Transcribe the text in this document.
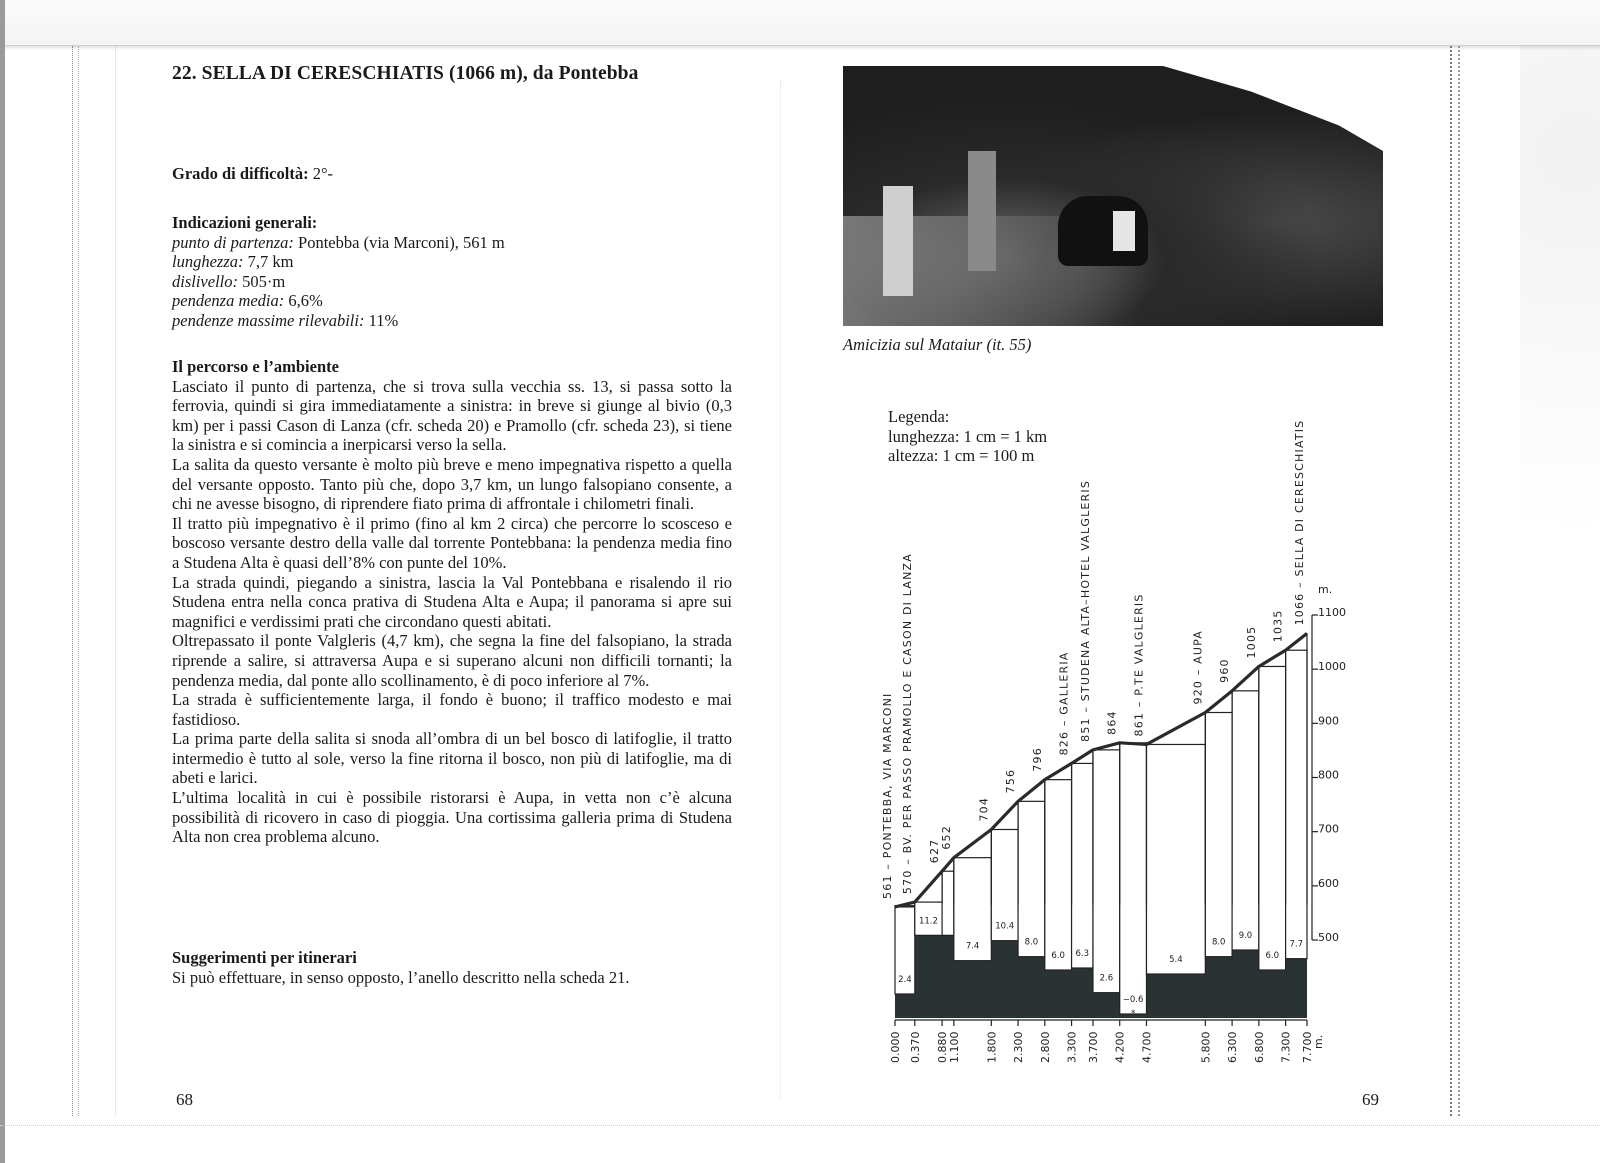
22. SELLA DI CERESCHIATIS (1066 m), da Pontebba
Grado di difficoltà: 2°-
Indicazioni generali:
punto di partenza: Pontebba (via Marconi), 561 m
lunghezza: 7,7 km
dislivello: 505·m
pendenza media: 6,6%
pendenze massime rilevabili: 11%
Il percorso e l’ambiente

Lasciato il punto di partenza, che si trova sulla vecchia ss. 13, si passa sotto la ferrovia, quindi si gira immediatamente a sinistra: in breve si giunge al bivio (0,3 km) per i passi Cason di Lanza (cfr. scheda 20) e Pramollo (cfr. scheda 23), si tiene la sinistra e si comincia a inerpicarsi verso la sella.

La salita da questo versante è molto più breve e meno impegnativa rispetto a quella del versante opposto. Tanto più che, dopo 3,7 km, un lungo falsopiano consente, a chi ne avesse bisogno, di riprendere fiato prima di affrontale i chilometri finali.

Il tratto più impegnativo è il primo (fino al km 2 circa) che percorre lo scosceso e boscoso versante destro della valle dal torrente Pontebbana: la pendenza media fino a Studena Alta è quasi dell’8% con punte del 10%.

La strada quindi, piegando a sinistra, lascia la Val Pontebbana e risalendo il rio Studena entra nella conca prativa di Studena Alta e Aupa; il panorama si apre sui magnifici e verdissimi prati che circondano questi abitati.

Oltrepassato il ponte Valgleris (4,7 km), che segna la fine del falsopiano, la strada riprende a salire, si attraversa Aupa e si superano alcuni non difficili tornanti; la pendenza media, dal ponte allo scollinamento, è di poco inferiore al 7%.

La strada è sufficientemente larga, il fondo è buono; il traffico modesto e mai fastidioso.

La prima parte della salita si snoda all’ombra di un bel bosco di latifoglie, il tratto intermedio è tutto al sole, verso la fine ritorna il bosco, non più di latifoglie, ma di abeti e larici.

L’ultima località in cui è possibile ristorarsi è Aupa, in vetta non c’è alcuna possibilità di ricovero in caso di pioggia. Una cortissima galleria prima di Studena Alta non crea problema alcuno.

Suggerimenti per itinerari
Si può effettuare, in senso opposto, l’anello descritto nella scheda 21.
68
Amicizia sul Mataiur (it. 55)
Legenda:
lunghezza: 1 cm = 1 km
altezza: 1 cm = 100 m
2.4
11.2
7.4
10.4
8.0
6.0 6.3
2.6
−0.6
*
5.4
8.0
9.0
6.0
7.7
561 – PONTEBBA, VIA MARCONI 570 – BV. PER PASSO PRAMOLLO E CASON DI LANZA 627
652
704
756
796
826 – GALLERIA 851 – STUDENA ALTA–HOTEL VALGLERIS 864 861 – P.TE VALGLERIS	920 – AUPA 960
1005 1035
1066 – SELLA DI CERESCHIATIS
0.000 0.370 0.880
1.100 1.800 2.300 2.800 3.300 3.700 4.200 4.700	5.800 6.300 6.800 7.300 7.700
m.
500
600
700
800
900
1000
1100
m.
69
